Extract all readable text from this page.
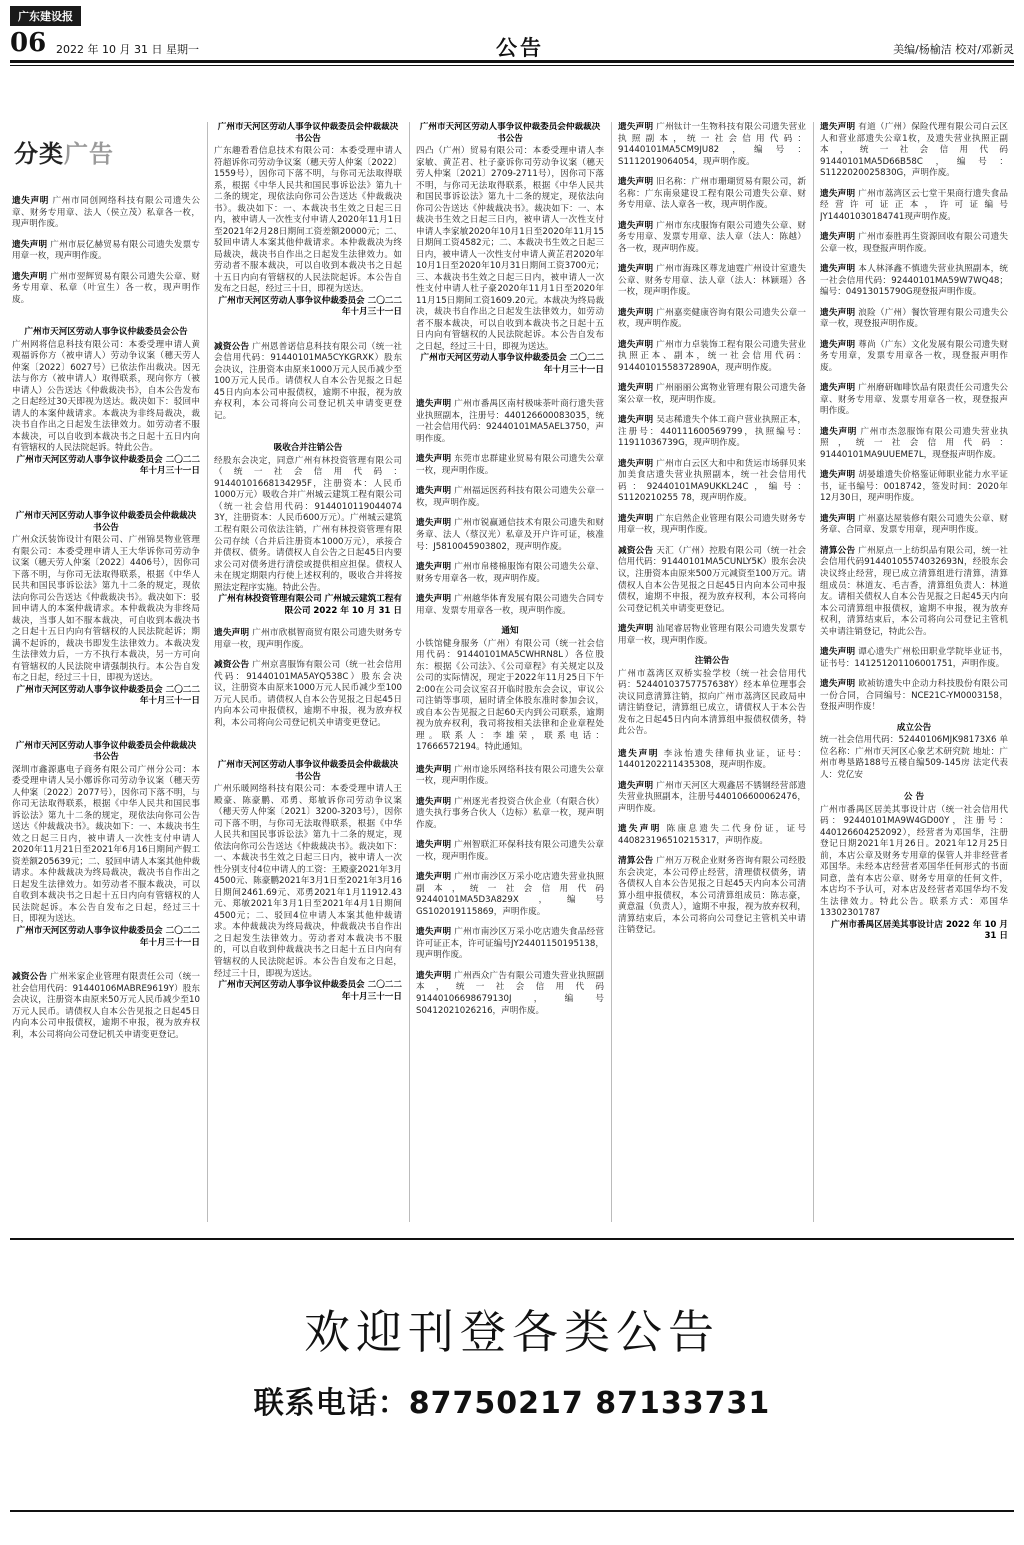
广东建设报
06 2022 年 10 月 31 日 星期一	公告	美编/杨榆洁 校对/邓新灵
分类广告
遗失声明 广州市同创网络科技有限公司遗失公章、财务专用章、法人（侯立茂）私章各一枚，现声明作废。
遗失声明 广州市辰亿赫贸易有限公司遗失发票专用章一枚，现声明作废。
遗失声明 广州市翌辉贸易有限公司遗失公章、财务专用章、私章（叶宣生）各一枚，现声明作废。
广州市天河区劳动人事争议仲裁委员会公告
广州网将信息科技有限公司：本委受理申请人黄观福诉你方（被申请人）劳动争议案（穗天劳人仲案〔2022〕6027号）已依法作出裁决。因无法与你方（被申请人）取得联系，现向你方（被申请人）公告送达《仲裁裁决书》，自本公告发布之日起经过30天即视为送达。裁决如下：驳回申请人的本案仲裁请求。本裁决为非终局裁决，裁决书自作出之日起发生法律效力。如劳动者不服本裁决，可以自收到本裁决书之日起十五日内向有管辖权的人民法院起诉。特此公告。
广州市天河区劳动人事争议仲裁委员会 二〇二二年十月三十一日
广州市天河区劳动人事争议仲裁委员会仲裁裁决书公告
广州众沃装饰设计有限公司、广州锦昊物业管理有限公司：本委受理申请人王大华诉你司劳动争议案（穗天劳人仲案〔2022〕4406号），因你司下落不明，与你司无法取得联系，根据《中华人民共和国民事诉讼法》第九十二条的规定，现依法向你司公告送达《仲裁裁决书》。裁决如下：驳回申请人的本案仲裁请求。本仲裁裁决为非终局裁决，当事人如不服本裁决，可自收到本裁决书之日起十五日内向有管辖权的人民法院起诉；期满不起诉的，裁决书即发生法律效力。本裁决发生法律效力后，一方不执行本裁决，另一方可向有管辖权的人民法院申请强制执行。本公告自发布之日起，经过三十日，即视为送达。
广州市天河区劳动人事争议仲裁委员会 二〇二二年十月三十一日
广州市天河区劳动人事争议仲裁委员会仲裁裁决书公告
深圳市鑫源惠电子商务有限公司广州分公司：本委受理申请人吴小娜诉你司劳动争议案（穗天劳人仲案〔2022〕2077号），因你司下落不明，与你司无法取得联系，根据《中华人民共和国民事诉讼法》第九十二条的规定，现依法向你司公告送达《仲裁裁决书》。裁决如下：一、本裁决书生效之日起三日内，被申请人一次性支付申请人2020年11月21日至2021年6月16日期间产假工资差额205639元；二、驳回申请人本案其他仲裁请求。本仲裁裁决为终局裁决，裁决书自作出之日起发生法律效力。如劳动者不服本裁决，可以自收到本裁决书之日起十五日内向有管辖权的人民法院起诉。本公告自发布之日起，经过三十日，即视为送达。
广州市天河区劳动人事争议仲裁委员会 二〇二二年十月三十一日
减资公告 广州米家企业管理有限责任公司（统一社会信用代码：91440106MABRE9619Y）股东会决议，注册资本由原来50万元人民币减少至10万元人民币。请债权人自本公告见报之日起45日内向本公司申报债权，逾期不申报，视为放弃权利，本公司将向公司登记机关申请变更登记。
广州市天河区劳动人事争议仲裁委员会仲裁裁决书公告
广东趣看看信息技术有限公司：本委受理申请人符超诉你司劳动争议案（穗天劳人仲案〔2022〕1559号），因你司下落不明，与你司无法取得联系，根据《中华人民共和国民事诉讼法》第九十二条的规定，现依法向你司公告送达《仲裁裁决书》。裁决如下：一、本裁决书生效之日起三日内，被申请人一次性支付申请人2020年11月1日至2021年2月28日期间工资差额20000元；二、驳回申请人本案其他仲裁请求。本仲裁裁决为终局裁决，裁决书自作出之日起发生法律效力。如劳动者不服本裁决，可以自收到本裁决书之日起十五日内向有管辖权的人民法院起诉。本公告自发布之日起，经过三十日，即视为送达。
广州市天河区劳动人事争议仲裁委员会 二〇二二年十月三十一日
减资公告 广州恩普诺信息科技有限公司（统一社会信用代码：91440101MA5CYKGRXK）股东会决议，注册资本由原来1000万元人民币减少至100万元人民币。请债权人自本公告见报之日起45日内向本公司申报债权，逾期不申报，视为放弃权利，本公司将向公司登记机关申请变更登记。
吸收合并注销公告
经股东会决定，同意广州有林投资管理有限公司（统一社会信用代码：91440101668134295F，注册资本：人民币1000万元）吸收合并广州城云建筑工程有限公司（统一社会信用代码：9144010119044074 3Y，注册资本：人民币600万元）。广州城云建筑工程有限公司依法注销，广州有林投资管理有限公司存续（合并后注册资本1000万元），承接合并债权、债务。请债权人自公告之日起45日内要求公司对债务进行清偿或提供相应担保。债权人未在规定期限内行使上述权利的，吸收合并将按照法定程序实施。特此公告。
广州有林投资管理有限公司 广州城云建筑工程有限公司 2022 年 10 月 31 日
遗失声明 广州市欣棋智商贸有限公司遗失财务专用章一枚，现声明作废。
减资公告 广州京喜服饰有限公司（统一社会信用代码：91440101MA5AYQ538C）股东会决议，注册资本由原来1000万元人民币减少至100万元人民币。请债权人自本公告见报之日起45日内向本公司申报债权，逾期不申报，视为放弃权利，本公司将向公司登记机关申请变更登记。
广州市天河区劳动人事争议仲裁委员会仲裁裁决书公告
广州乐暖网络科技有限公司：本委受理申请人王殿豪、陈豪鹏、邓勇、郑敏诉你司劳动争议案（穗天劳人仲案〔2021〕3200-3203号），因你司下落不明，与你司无法取得联系，根据《中华人民共和国民事诉讼法》第九十二条的规定，现依法向你司公告送达《仲裁裁决书》。裁决如下：一、本裁决书生效之日起三日内，被申请人一次性分别支付4位申请人的工资：王殿豪2021年3月4500元、陈豪鹏2021年3月1日至2021年3月16日期间2461.69元、邓勇2021年1月11912.43元、郑敏2021年3月1日至2021年4月1日期间4500元；二、驳回4位申请人本案其他仲裁请求。本仲裁裁决为终局裁决，仲裁裁决书自作出之日起发生法律效力。劳动者对本裁决书不服的，可以自收到仲裁裁决书之日起十五日内向有管辖权的人民法院起诉。本公告自发布之日起，经过三十日，即视为送达。
广州市天河区劳动人事争议仲裁委员会 二〇二二年十月三十一日
广州市天河区劳动人事争议仲裁委员会仲裁裁决书公告
四凸（广州）贸易有限公司：本委受理申请人李家敏、黄芷君、杜子豪诉你司劳动争议案（穗天劳人仲案〔2021〕2709-2711号），因你司下落不明，与你司无法取得联系，根据《中华人民共和国民事诉讼法》第九十二条的规定，现依法向你司公告送达《仲裁裁决书》。裁决如下：一、本裁决书生效之日起三日内，被申请人一次性支付申请人李家敏2020年10月1日至2020年11月15日期间工资4582元；二、本裁决书生效之日起三日内，被申请人一次性支付申请人黄芷君2020年10月1日至2020年10月31日期间工资3700元；三、本裁决书生效之日起三日内，被申请人一次性支付申请人杜子豪2020年11月1日至2020年11月15日期间工资1609.20元。本裁决为终局裁决，裁决书自作出之日起发生法律效力，如劳动者不服本裁决，可以自收到本裁决书之日起十五日内向有管辖权的人民法院起诉。本公告自发布之日起，经过三十日，即视为送达。
广州市天河区劳动人事争议仲裁委员会 二〇二二年十月三十一日
遗失声明 广州市番禺区南村极味荼叶商行遗失营业执照副本，注册号：440126600083035，统一社会信用代码：92440101MA5AEL3750，声明作废。
遗失声明 东莞市忠群建业贸易有限公司遗失公章一枚，现声明作废。
遗失声明 广州福远医药科技有限公司遗失公章一枚，现声明作废。
遗失声明 广州市锐赢通信技术有限公司遗失和财务章、法人（蔡汉光）私章及开户许可证，核准号：J5810045903802，现声明作废。
遗失声明 广州市帛楼棉服饰有限公司遗失公章、财务专用章各一枚，现声明作废。
遗失声明 广州越华体育发展有限公司遗失合同专用章、发票专用章各一枚，现声明作废。
通知
小铁馆健身服务（广州）有限公司（统一社会信用代码：91440101MA5CWHRN8L）各位股东：根据《公司法》、《公司章程》有关规定以及公司的实际情况，现定于2022年11月25日下午2:00在公司会议室召开临时股东会会议，审议公司注销等事项，届时请全体股东准时参加会议，或自本公告见报之日起60天内到公司联系，逾期视为放弃权利，我司将按相关法律和企业章程处理。联系人：李雄荣，联系电话：17666572194。特此通知。
遗失声明 广州市途乐网络科技有限公司遗失公章一枚，现声明作废。
遗失声明 广州逐光者投资合伙企业（有限合伙）遗失执行事务合伙人（边标）私章一枚，现声明作废。
遗失声明 广州智联汇环保科技有限公司遗失公章一枚，现声明作废。
遗失声明 广州市南沙区万采小吃店遗失营业执照副本，统一社会信用代码92440101MA5D3A829X，编号GS102019115869，声明作废。
遗失声明 广州市南沙区万采小吃店遗失食品经营许可证正本，许可证编号JY24401150195138，现声明作废。
遗失声明 广州西众广告有限公司遗失营业执照副本，统一社会信用代码91440106698679130J，编号S0412021026216，声明作废。
遗失声明 广州钛计一生物科技有限公司遗失营业执照副本，统一社会信用代码：91440101MA5CM9JU82，编号：S1112019064054，现声明作废。
遗失声明 旧名称：广州市珊瑚贸易有限公司，新名称：广东南泉建设工程有限公司遗失公章、财务专用章、法人章各一枚，现声明作废。
遗失声明 广州市东戌服饰有限公司遗失公章、财务专用章、发票专用章、法人章（法人：陈越）各一枚，现声明作废。
遗失声明 广州市海珠区尊龙迪霆广州设计室遗失公章、财务专用章、法人章（法人：林颖瑶）各一枚，现声明作废。
遗失声明 广州嘉奕健康咨询有限公司遗失公章一枚，现声明作废。
遗失声明 广州市力卓装饰工程有限公司遗失营业执照正本、副本，统一社会信用代码：91440101558372890A，现声明作废。
遗失声明 广州丽丽公寓物业管理有限公司遗失备案公章一枚，现声明作废。
遗失声明 吴志稀遗失个体工商户营业执照正本，注册号：440111600569799，执照编号：11911036739G，现声明作废。
遗失声明 广州市白云区大和中和货运市场驿贝来加美食店遗失营业执照副本，统一社会信用代码：92440101MA9UKKL24C，编号：S1120210255 78，现声明作废。
遗失声明 广东启然企业管理有限公司遗失财务专用章一枚，现声明作废。
减资公告 天汇（广州）控股有限公司（统一社会信用代码：91440101MA5CUNLY5K）股东会决议，注册资本由原来500万元减资至100万元。请债权人自本公告见报之日起45日内向本公司申报债权，逾期不申报，视为放弃权利，本公司将向公司登记机关申请变更登记。
遗失声明 汕尾睿居物业管理有限公司遗失发票专用章一枚，现声明作废。
注销公告
广州市荔湾区双桥实验学校（统一社会信用代码：52440103757757638Y）经本单位理事会决议同意清算注销，拟向广州市荔湾区民政局申请注销登记，清算组已成立，请债权人于本公告发布之日起45日内向本清算组申报债权债务，特此公告。
遗失声明 李泳怡遗失律师执业证，证号：14401202211435308，现声明作废。
遗失声明 广州市天河区大观鑫居不锈钢经营部遗失营业执照副本，注册号440106600062476，声明作废。
遗失声明 陈康息遗失二代身份证，证号440823196510215317，声明作废。
清算公告 广州万万税企业财务咨询有限公司经股东会决定，本公司停止经营，清理债权债务，请各债权人自本公告见报之日起45天内向本公司清算小组申报债权，本公司清算组成员：陈志豪，黄意温（负责人），逾期不申报，视为放弃权利，清算结束后，本公司将向公司登记主管机关申请注销登记。
遗失声明 有道（广州）保险代理有限公司白云区人和营业部遗失公章1枚，及遗失营业执照正副本，统一社会信用代码91440101MA5D66B58C，编号：S1122020025830G，声明作废。
遗失声明 广州市荔湾区云七堂干果商行遗失食品经营许可证正本，许可证编号JY14401030184741现声明作废。
遗失声明 广州市泰胜再生资源回收有限公司遗失公章一枚，现登报声明作废。
遗失声明 本人林泽鑫不慎遗失营业执照副本，统一社会信用代码：92440101MA59W7WQ48；编号：04913015790G现登报声明作废。
遗失声明 浪险（广州）餐饮管理有限公司遗失公章一枚，现登报声明作废。
遗失声明 尊尚（广东）文化发展有限公司遗失财务专用章，发票专用章各一枚，现登报声明作废。
遗失声明 广州磨研咖啡饮品有限责任公司遗失公章、财务专用章、发票专用章各一枚，现登报声明作废。
遗失声明 广州市杰忽服饰有限公司遗失营业执照，统一社会信用代码：91440101MA9UUEME7L，现登报声明作废。
遗失声明 胡晏雄遗失价格鉴证师职业能力水平证书，证书编号：0018742，签发时间：2020年12月30日，现声明作废。
遗失声明 广州嘉达屋装修有限公司遗失公章、财务章、合同章、发票专用章，现声明作废。
清算公告 广州原点一上纺织品有限公司，统一社会信用代码91440105574032693N，经股东会决议终止经营，现已成立清算组进行清算，清算组成员：林道友、毛吉香，清算组负责人：林道友。请相关债权人自本公告见报之日起45天内向本公司清算组申报债权，逾期不申报，视为放弃权利，清算结束后，本公司将向公司登记主管机关申请注销登记，特此公告。
遗失声明 谭心遗失广州松田职业学院毕业证书，证书号：141251201106001751，声明作废。
遗失声明 欧祯钫遗失中企动力科技股份有限公司一份合同，合同编号：NCE21C-YM0003158，登报声明作废！
成立公告
统一社会信用代码：52440106MJK98173X6 单位名称：广州市天河区心象艺术研究院 地址：广州市粤垦路188号五楼自编509-145房 法定代表人：党亿安
公 告
广州市番禺区居美其事设计店（统一社会信用代码：92440101MA9W4GD00Y，注册号：440126604252092），经营者为邓国华，注册登记日期2021年1月26日。2021年12月25日前，本店公章及财务专用章的保管人并非经营者邓国华。未经本店经营者邓国华任何形式的书面同意，盖有本店公章、财务专用章的任何文件，本店均不予认可，对本店及经营者邓国华均不发生法律效力。特此公告。联系方式：邓国华 13302301787
广州市番禺区居美其事设计店 2022 年 10 月 31 日
欢迎刊登各类公告
联系电话：87750217 87133731
